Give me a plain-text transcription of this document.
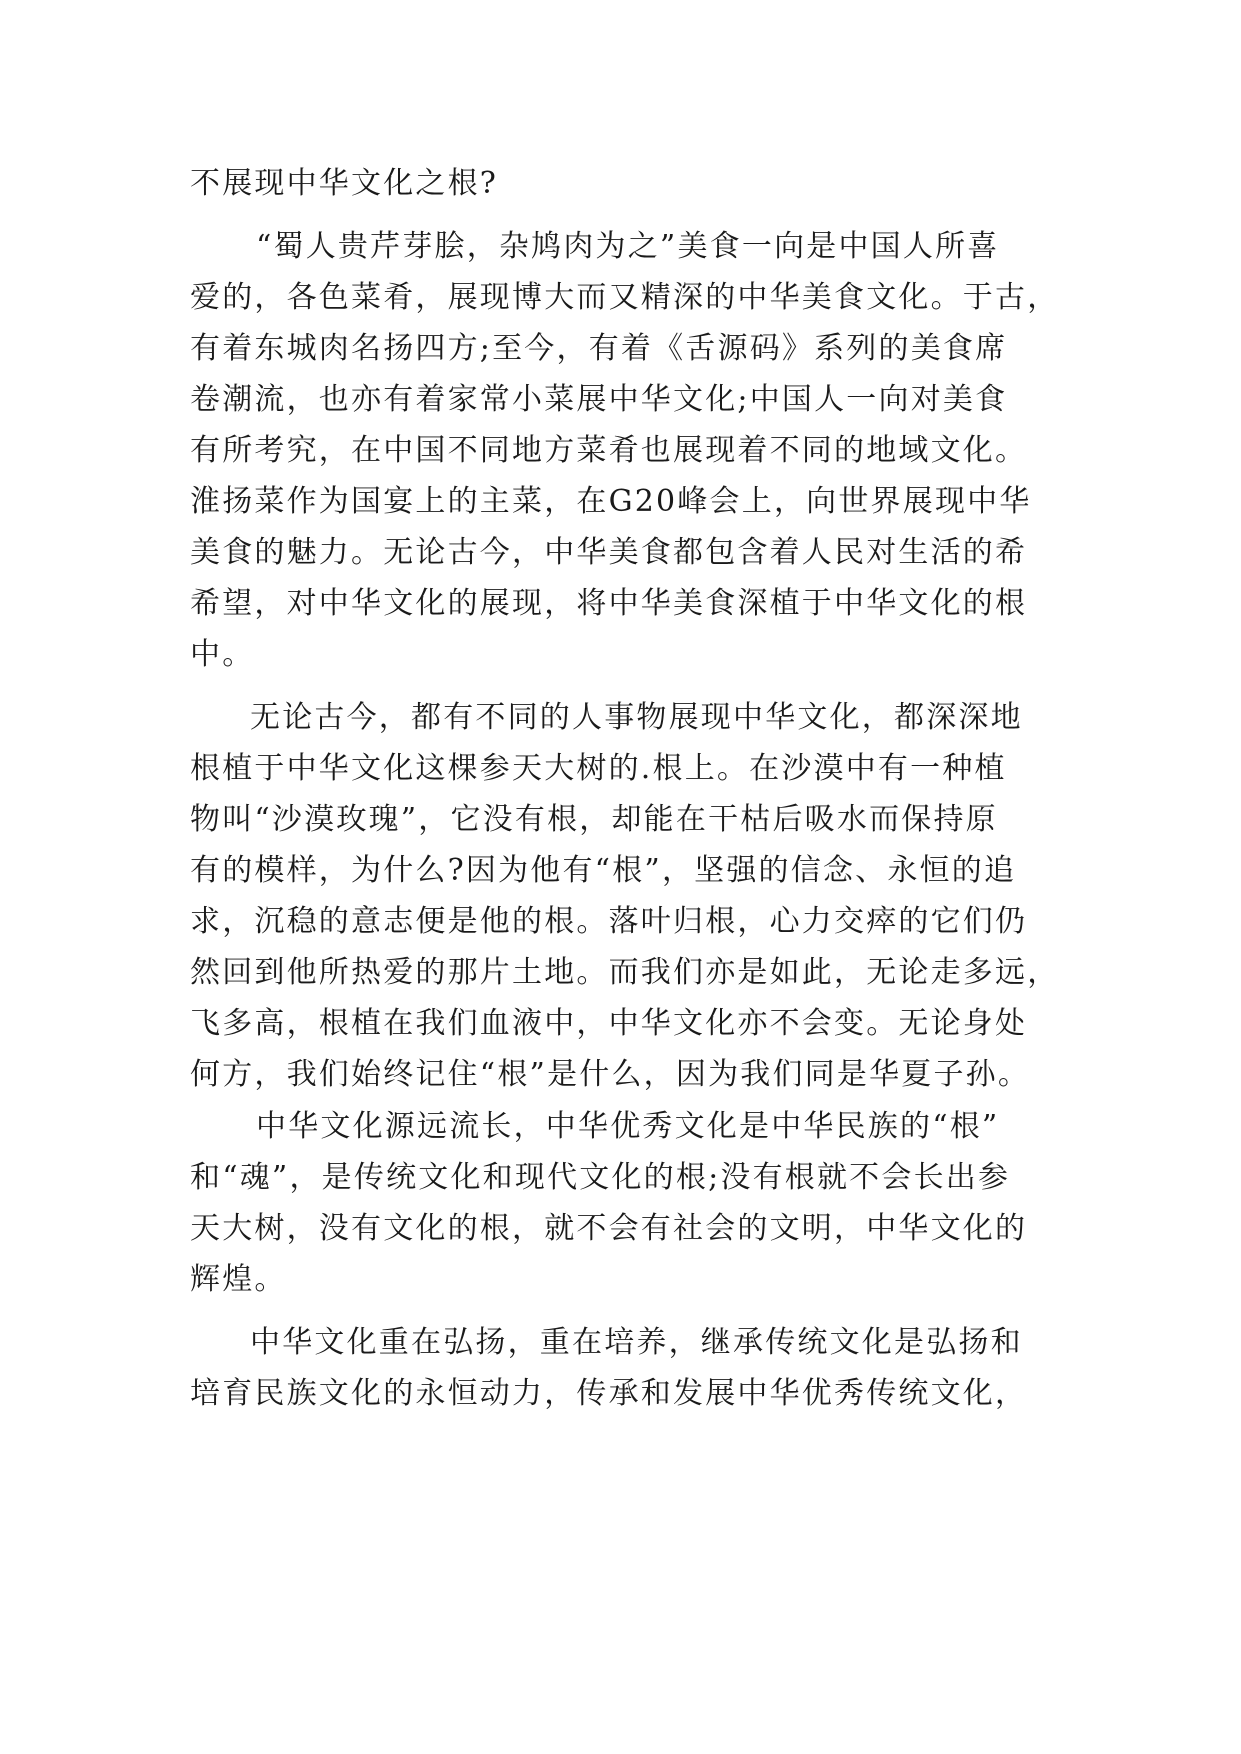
不展现中华文化之根?
“蜀人贵芹芽脍，杂鸠肉为之”美食一向是中国人所喜
爱的，各色菜肴，展现博大而又精深的中华美食文化。于古，
有着东城肉名扬四方;至今，有着《舌源码》系列的美食席
卷潮流，也亦有着家常小菜展中华文化;中国人一向对美食
有所考究，在中国不同地方菜肴也展现着不同的地域文化。
淮扬菜作为国宴上的主菜，在G20峰会上，向世界展现中华
美食的魅力。无论古今，中华美食都包含着人民对生活的希
希望，对中华文化的展现，将中华美食深植于中华文化的根
中。
无论古今，都有不同的人事物展现中华文化，都深深地
根植于中华文化这棵参天大树的.根上。在沙漠中有一种植
物叫“沙漠玫瑰”，它没有根，却能在干枯后吸水而保持原
有的模样，为什么?因为他有“根”，坚强的信念、永恒的追
求，沉稳的意志便是他的根。落叶归根，心力交瘁的它们仍
然回到他所热爱的那片土地。而我们亦是如此，无论走多远，
飞多高，根植在我们血液中，中华文化亦不会变。无论身处
何方，我们始终记住“根”是什么，因为我们同是华夏子孙。
中华文化源远流长，中华优秀文化是中华民族的“根”
和“魂”，是传统文化和现代文化的根;没有根就不会长出参
天大树，没有文化的根，就不会有社会的文明，中华文化的
辉煌。
中华文化重在弘扬，重在培养，继承传统文化是弘扬和
培育民族文化的永恒动力，传承和发展中华优秀传统文化，
